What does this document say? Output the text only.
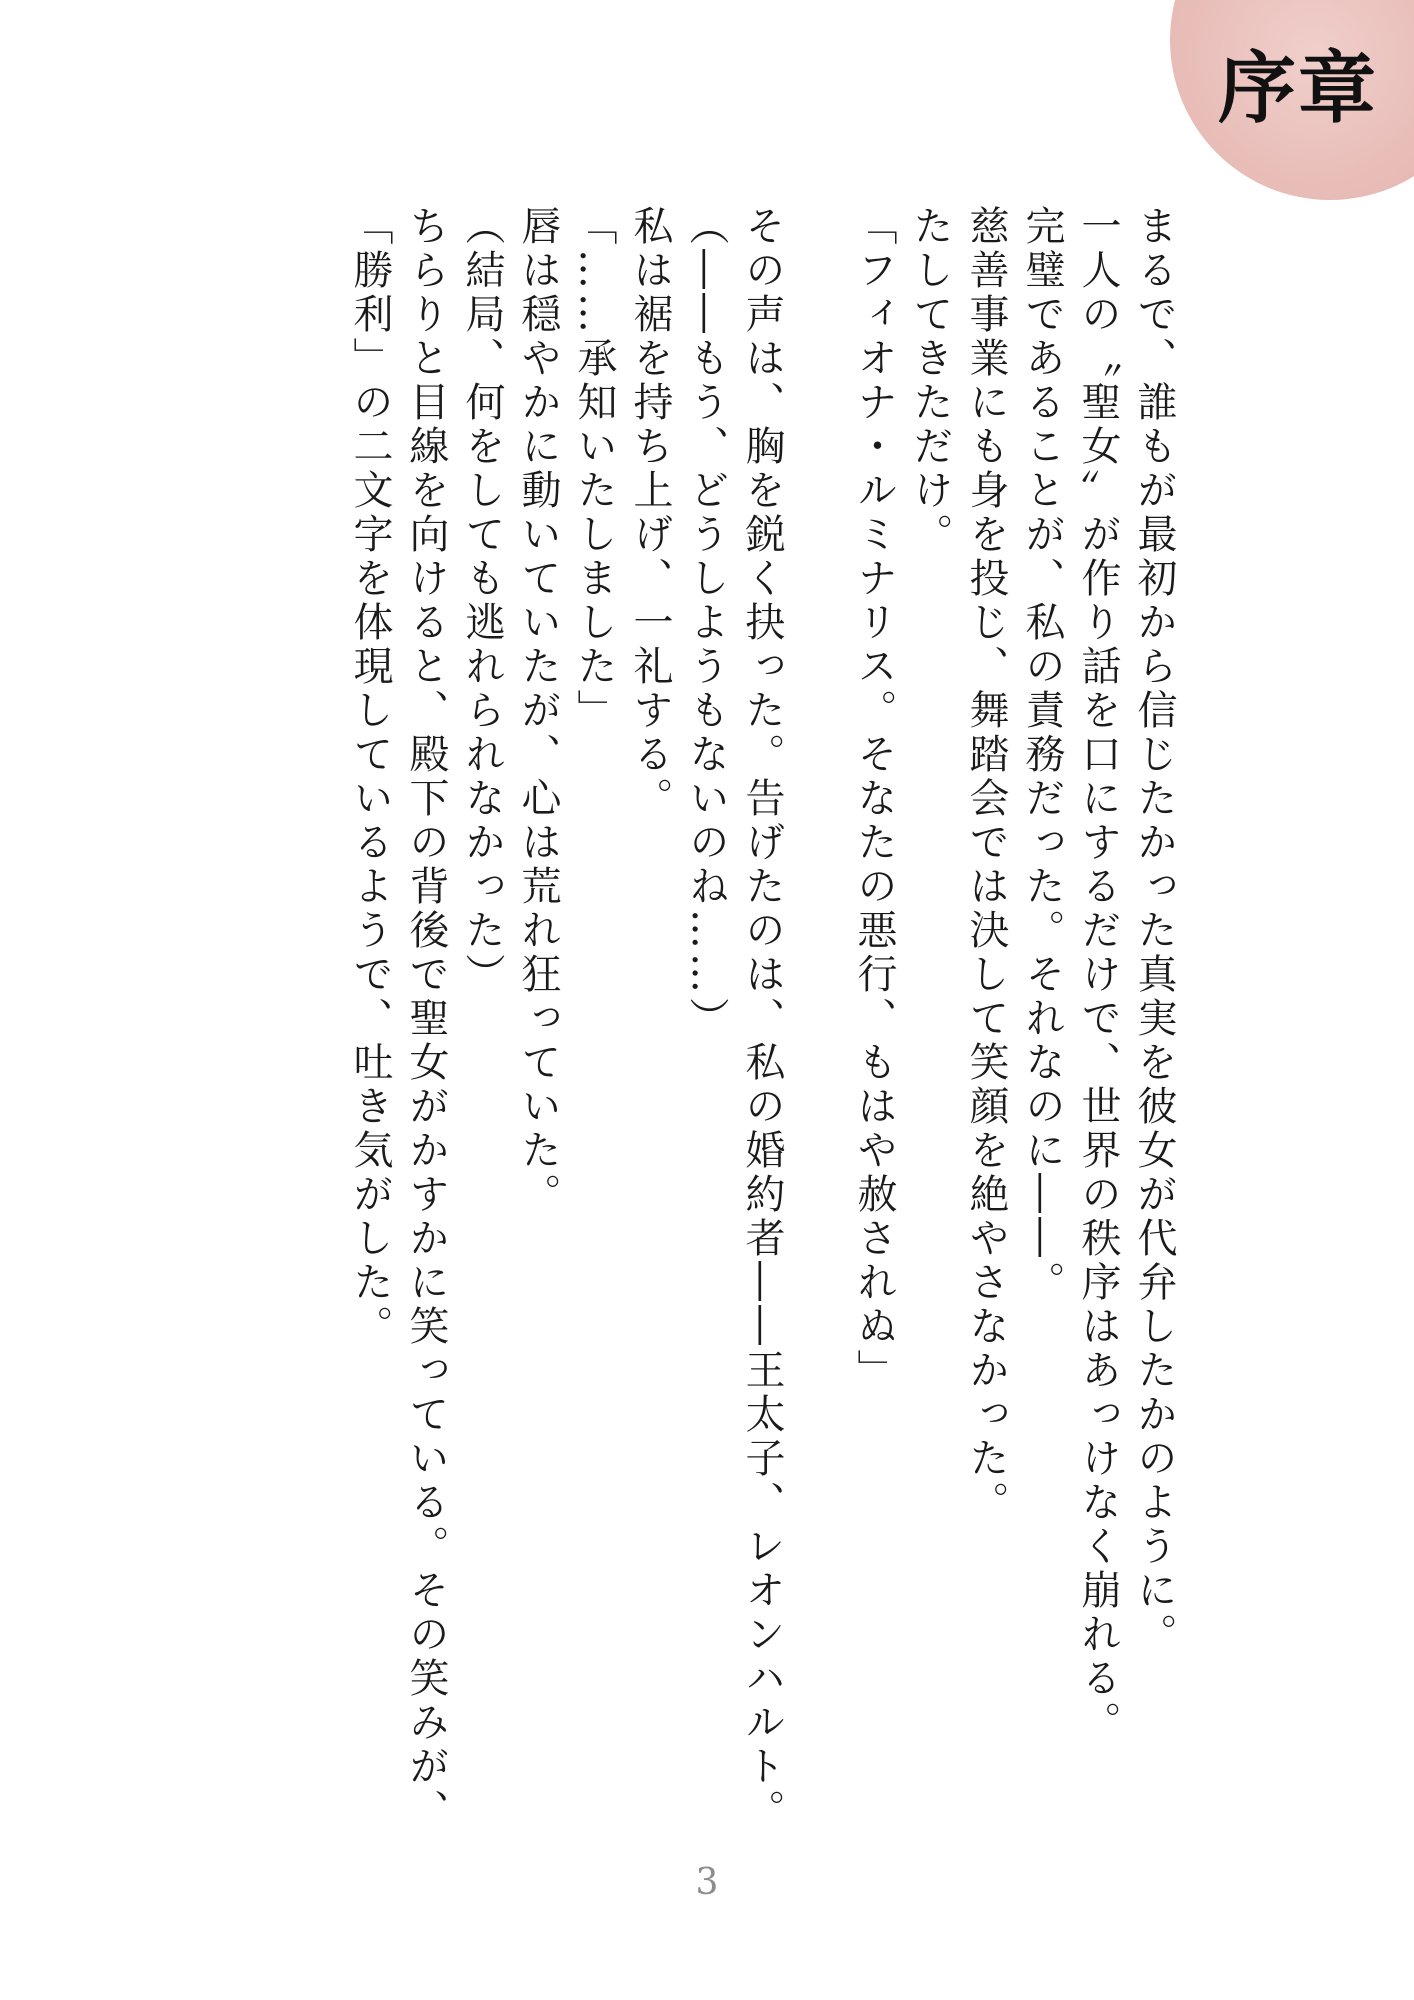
序章
まるで、誰もが最初から信じたかった真実を彼女が代弁したかのように。
一人の〝聖女〟が作り話を口にするだけで、世界の秩序はあっけなく崩れる。
完璧であることが、私の責務だった。それなのに――。
慈善事業にも身を投じ、舞踏会では決して笑顔を絶やさなかった。
たしてきただけ。
「フィオナ・ルミナリス。そなたの悪行、もはや赦されぬ」
その声は、胸を鋭く抉った。告げたのは、私の婚約者――王太子、レオンハルト。
（――もう、どうしようもないのね……）
私は裾を持ち上げ、一礼する。
「……承知いたしました」
唇は穏やかに動いていたが、心は荒れ狂っていた。
（結局、何をしても逃れられなかった）
ちらりと目線を向けると、殿下の背後で聖女がかすかに笑っている。その笑みが、
「勝利」の二文字を体現しているようで、吐き気がした。
3
